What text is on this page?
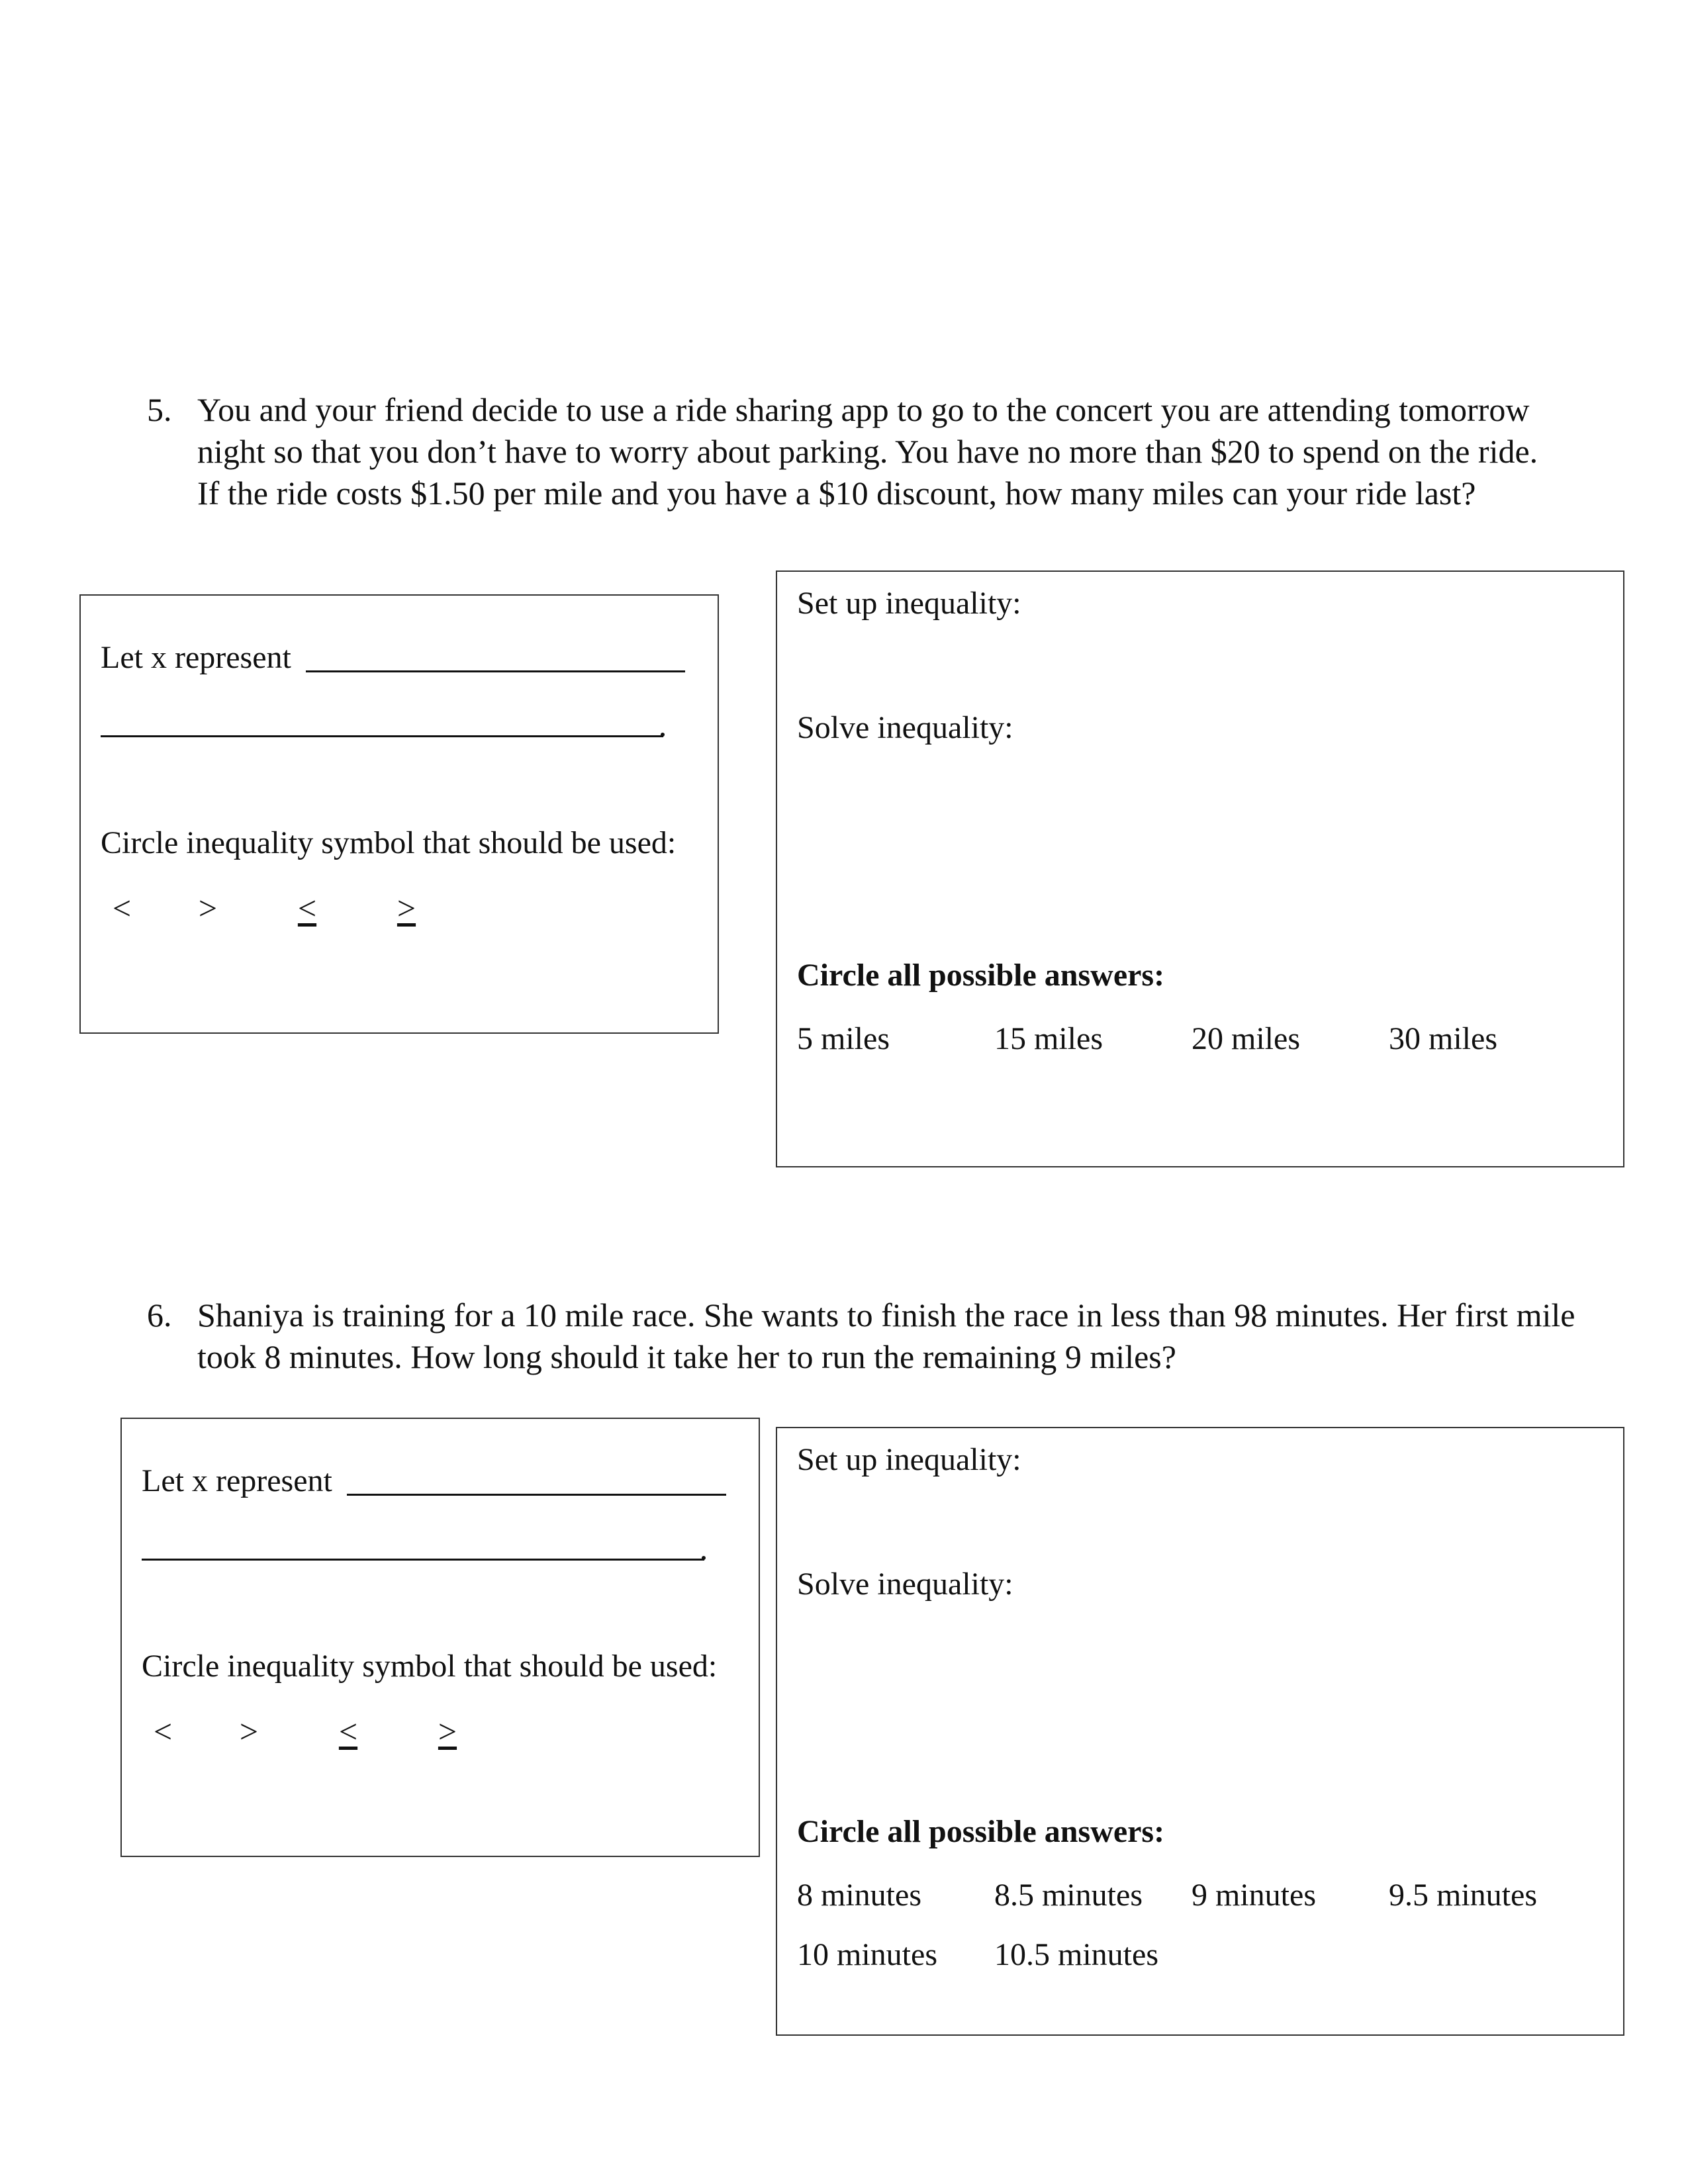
5. You and your friend decide to use a ride sharing app to go to the concert you are attending tomorrow night so that you don’t have to worry about parking. You have no more than $20 to spend on the ride. If the ride costs $1.50 per mile and you have a $10 discount, how many miles can your ride last?
Let x represent
Circle inequality symbol that should be used:
< > < >
Set up inequality:
Solve inequality:
Circle all possible answers:
5 miles	15 miles	20 miles	30 miles
6. Shaniya is training for a 10 mile race. She wants to finish the race in less than 98 minutes. Her first mile took 8 minutes. How long should it take her to run the remaining 9 miles?
Let x represent
Circle inequality symbol that should be used:
< > < >
Set up inequality:
Solve inequality:
Circle all possible answers:
8 minutes 8.5 minutes 9 minutes 9.5 minutes
10 minutes 10.5 minutes
